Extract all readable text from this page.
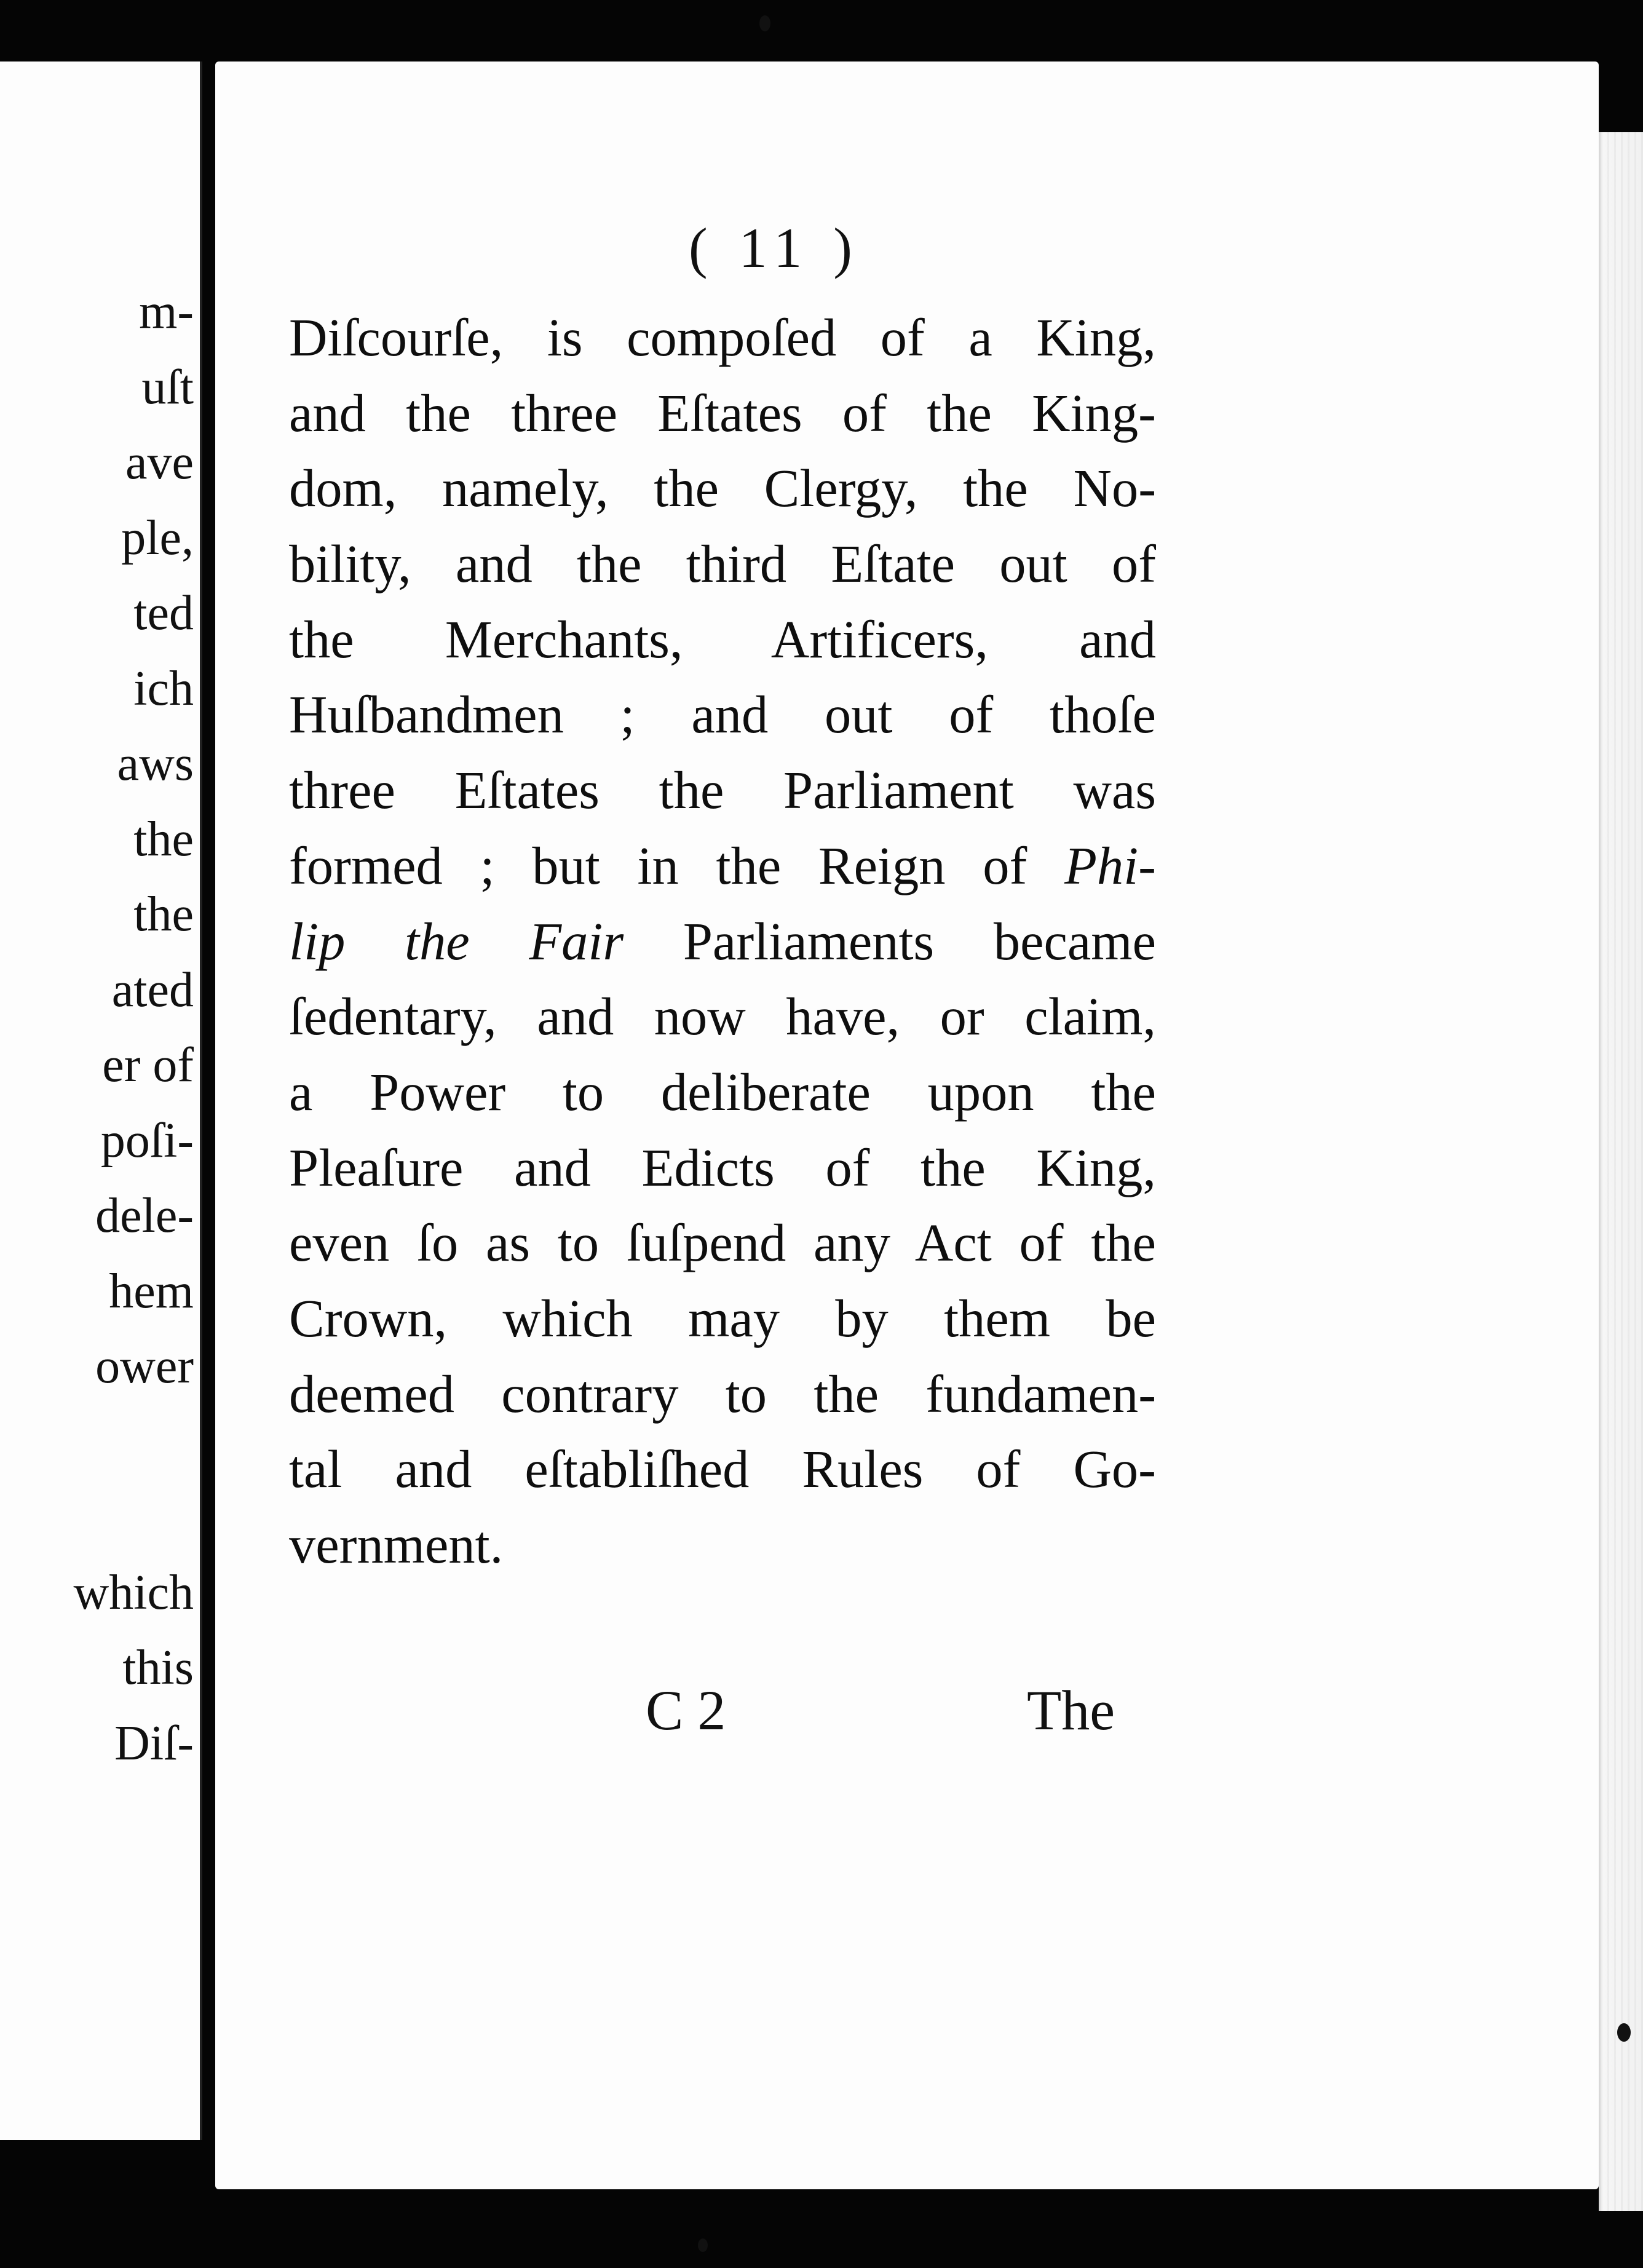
m-
uſt
ave
ple,
ted
ich
aws
the
the
ated
er of
poſi-
dele-
hem
ower

which
this
Diſ-
( 11 )
Diſcourſe, is compoſed of a King,
and the three Eſtates of the King-
dom, namely, the Clergy, the No-
bility, and the third Eſtate out of
the Merchants, Artificers, and
Huſbandmen ; and out of thoſe
three Eſtates the Parliament was
formed ; but in the Reign of Phi-
lip the Fair Parliaments became
ſedentary, and now have, or claim,
a Power to deliberate upon the
Pleaſure and Edicts of the King,
even ſo as to ſuſpend any Act of the
Crown, which may by them be
deemed contrary to the fundamen-
tal and eſtabliſhed Rules of Go-
vernment.
C 2	The
